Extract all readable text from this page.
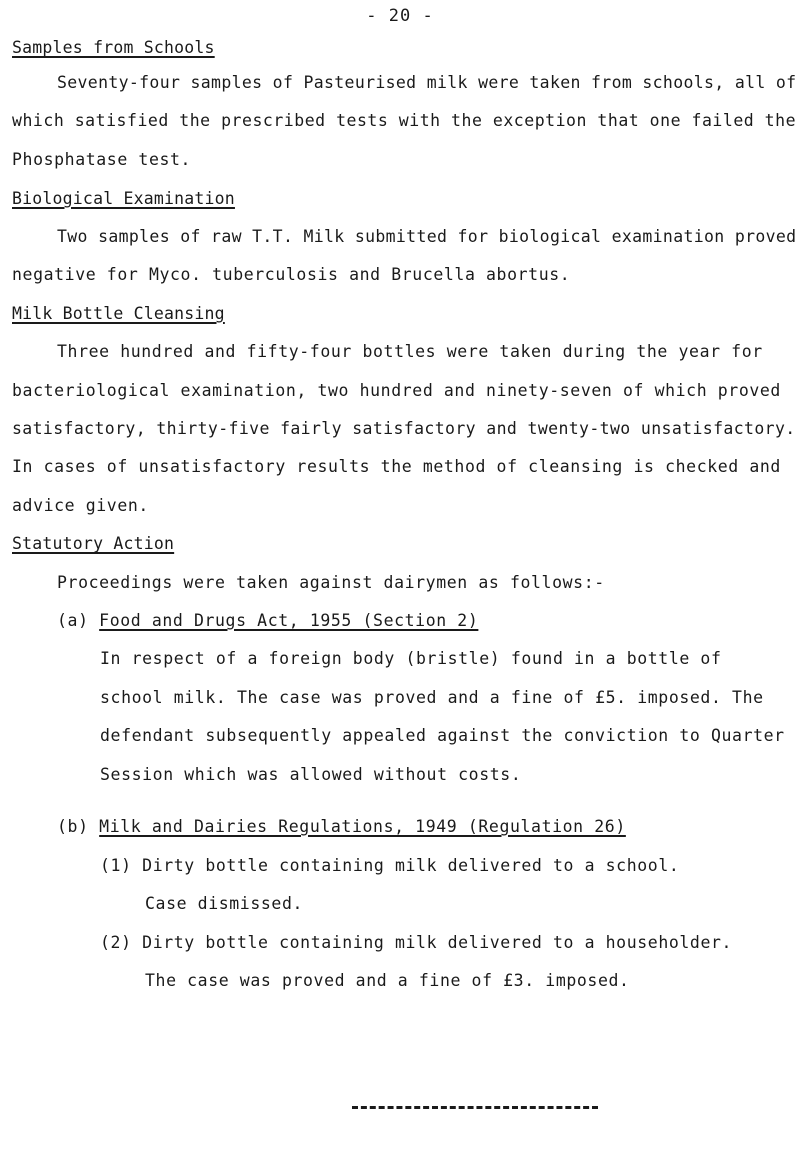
- 20 -
Samples from Schools
Seventy-four samples of Pasteurised milk were taken from schools, all of
which satisfied the prescribed tests with the exception that one failed the
Phosphatase test.
Biological Examination
Two samples of raw T.T. Milk submitted for biological examination proved
negative for Myco. tuberculosis and Brucella abortus.
Milk Bottle Cleansing
Three hundred and fifty-four bottles were taken during the year for
bacteriological examination, two hundred and ninety-seven of which proved
satisfactory, thirty-five fairly satisfactory and twenty-two unsatisfactory.
In cases of unsatisfactory results the method of cleansing is checked and
advice given.
Statutory Action
Proceedings were taken against dairymen as follows:-
(a) Food and Drugs Act, 1955 (Section 2)
In respect of a foreign body (bristle) found in a bottle of
school milk. The case was proved and a fine of £5. imposed. The
defendant subsequently appealed against the conviction to Quarter
Session which was allowed without costs.
(b) Milk and Dairies Regulations, 1949 (Regulation 26)
(1) Dirty bottle containing milk delivered to a school.
Case dismissed.
(2) Dirty bottle containing milk delivered to a householder.
The case was proved and a fine of £3. imposed.
